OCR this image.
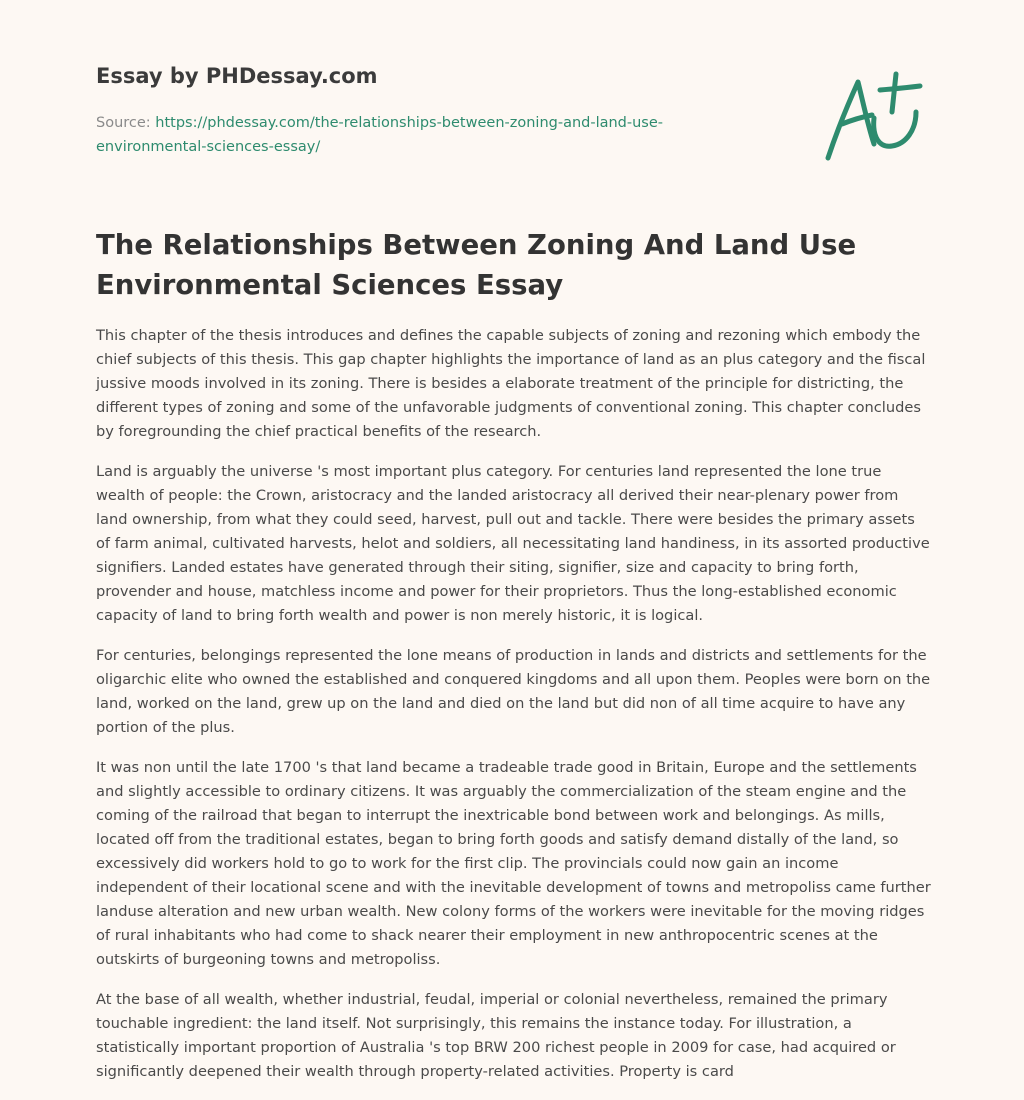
Essay by PHDessay.com
Source: https://phdessay.com/the-relationships-between-zoning-and-land-use-environmental-sciences-essay/
The Relationships Between Zoning And Land Use Environmental Sciences Essay

This chapter of the thesis introduces and defines the capable subjects of zoning and rezoning which embody the chief subjects of this thesis. This gap chapter highlights the importance of land as an plus category and the fiscal jussive moods involved in its zoning. There is besides a elaborate treatment of the principle for districting, the different types of zoning and some of the unfavorable judgments of conventional zoning. This chapter concludes by foregrounding the chief practical benefits of the research.

Land is arguably the universe 's most important plus category. For centuries land represented the lone true wealth of people: the Crown, aristocracy and the landed aristocracy all derived their near-plenary power from land ownership, from what they could seed, harvest, pull out and tackle. There were besides the primary assets of farm animal, cultivated harvests, helot and soldiers, all necessitating land handiness, in its assorted productive signifiers. Landed estates have generated through their siting, signifier, size and capacity to bring forth, provender and house, matchless income and power for their proprietors. Thus the long-established economic capacity of land to bring forth wealth and power is non merely historic, it is logical.

For centuries, belongings represented the lone means of production in lands and districts and settlements for the oligarchic elite who owned the established and conquered kingdoms and all upon them. Peoples were born on the land, worked on the land, grew up on the land and died on the land but did non of all time acquire to have any portion of the plus.

It was non until the late 1700 's that land became a tradeable trade good in Britain, Europe and the settlements and slightly accessible to ordinary citizens. It was arguably the commercialization of the steam engine and the coming of the railroad that began to interrupt the inextricable bond between work and belongings. As mills, located off from the traditional estates, began to bring forth goods and satisfy demand distally of the land, so excessively did workers hold to go to work for the first clip. The provincials could now gain an income independent of their locational scene and with the inevitable development of towns and metropoliss came further landuse alteration and new urban wealth. New colony forms of the workers were inevitable for the moving ridges of rural inhabitants who had come to shack nearer their employment in new anthropocentric scenes at the outskirts of burgeoning towns and metropoliss.

At the base of all wealth, whether industrial, feudal, imperial or colonial nevertheless, remained the primary touchable ingredient: the land itself. Not surprisingly, this remains the instance today. For illustration, a statistically important proportion of Australia 's top BRW 200 richest people in 2009 for case, had acquired or significantly deepened their wealth through property-related activities. Property is card
